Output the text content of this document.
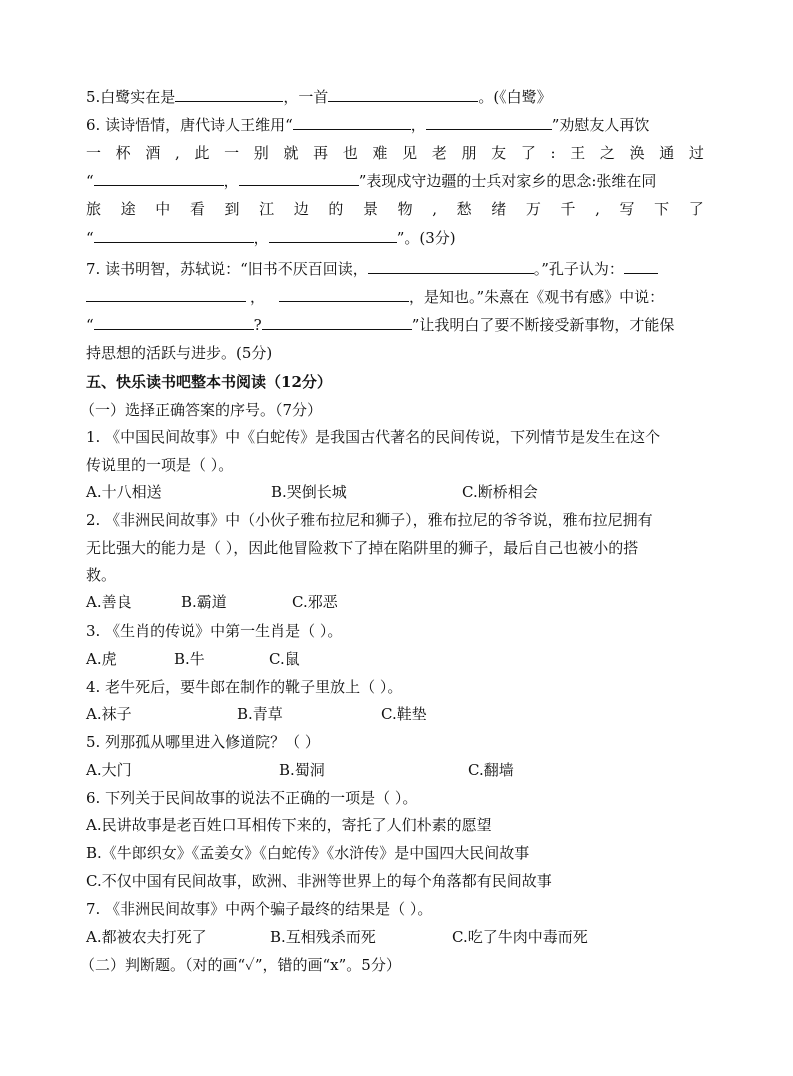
5.白鹭实在是	，一首	。(《白鹭》
6. 读诗悟情，唐代诗人王维用“	，	”劝慰友人再饮
一 杯 酒 , 此 一 别 就 再 也 难 见 老 朋 友 了 : 王 之 涣 通 过
“	，	”表现戍守边疆的士兵对家乡的思念:张维在同
旅 途 中 看 到 江 边 的 景 物 , 愁 绪 万 千 , 写 下 了
“	，	”。(3分)
7. 读书明智，苏轼说：“旧书不厌百回读，	。”孔子认为：
，	，是知也。”朱熹在《观书有感》中说：
“	?	”让我明白了要不断接受新事物，才能保
持思想的活跃与进步。(5分)
五、快乐读书吧整本书阅读（12分）
（一）选择正确答案的序号。（7分）
1. 《中国民间故事》中《白蛇传》是我国古代著名的民间传说，下列情节是发生在这个
传说里的一项是（ ）。
A.十八相送	B.哭倒长城	C.断桥相会
2. 《非洲民间故事》中（小伙子雅布拉尼和狮子），雅布拉尼的爷爷说，雅布拉尼拥有
无比强大的能力是（ ），因此他冒险救下了掉在陷阱里的狮子，最后自己也被小的搭
救。
A.善良	B.霸道	C.邪恶
3. 《生肖的传说》中第一生肖是（ ）。
A.虎	B.牛	C.鼠
4. 老牛死后，要牛郎在制作的靴子里放上（ ）。
A.袜子	B.青草	C.鞋垫
5. 列那孤从哪里进入修道院？（ ）
A.大门	B.蜀洞	C.翻墙
6. 下列关于民间故事的说法不正确的一项是（ ）。
A.民讲故事是老百姓口耳相传下来的，寄托了人们朴素的愿望
B.《牛郎织女》《孟姜女》《白蛇传》《水浒传》是中国四大民间故事
C.不仅中国有民间故事，欧洲、非洲等世界上的每个角落都有民间故事
7. 《非洲民间故事》中两个骗子最终的结果是（ ）。
A.都被农夫打死了	B.互相残杀而死	C.吃了牛肉中毒而死
（二）判断题。（对的画“✓”，错的画“x”。5分）
